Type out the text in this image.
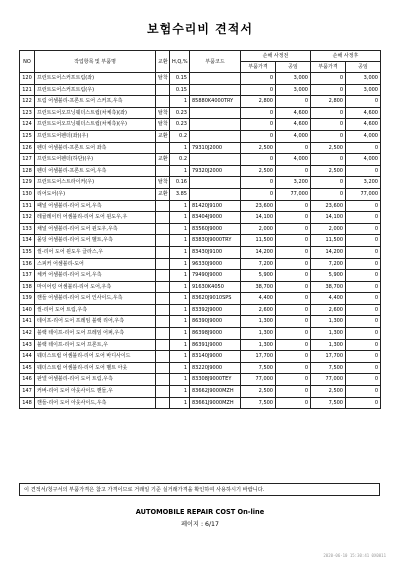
보험수리비 견적서
NO	작업항목 및 부품명	교환	H,Q,%	부품코드	손해 사정전		손해 사정후	
					부품가격	공임	부품가격	공임
120	프런트도어스커프트림(좌)	탈착	0.15		0	3,000	0	3,000
121	프런트도어스커프트림(우)		0.15		0	3,000	0	3,000
122	트림 어셈블리-프론트 도어 스커프,우측		1	85880K4000TRY	2,800	0	2,800	0
123	프런트도어오프닝웨더스트립(차체측)(좌)	탈착	0.23		0	4,600	0	4,600
124	프런트도어오프닝웨더스트립(차체측)(우)	탈착	0.23		0	4,600	0	4,600
125	프런트도어펜더(좌)(우)	교환	0.2		0	4,000	0	4,000
126	펜더 어셈블리-프론트 도어 좌측		1	79310J2000	2,500	0	2,500	0
127	프런트도어펜더(하단)(우)	교환	0.2		0	4,000	0	4,000
128	펜더 어셈블리-프론트 도어,우측		1	79320J2000	2,500	0	2,500	0
129	프런트도어스트라이커(우)	탈착	0.16		0	3,200	0	3,200
130	리어도어(우)	교환	3.85		0	77,000	0	77,000
131	패널 어셈블리-리어 도어,우측		1	81420J9100	23,600	0	23,600	0
132	레귤레이터 어셈블리-리어 도어 윈도우,우		1	83404J9000	14,100	0	14,100	0
133	채널 어셈블리-리어 도어 윈도우,우측		1	83560J9000	2,000	0	2,000	0
134	몰딩 어셈블리-리어 도어 벨트,우측		1	83830J9000TRY	11,500	0	11,500	0
135	씰-리어 도어 윈도우 글라스,우		1	83430J9100	14,200	0	14,200	0
136	스피커 어셈블리-도어		1	96330J9000	7,200	0	7,200	0
137	체커 어셈블리-리어 도어,우측		1	79490J9000	5,900	0	5,900	0
138	마이어링 어셈블리-리어 도어,우측		1	91630K4050	38,700	0	38,700	0
139	핸들 어셈블리-리어 도어 인사이드,우측		1	83620J9010SPS	4,400	0	4,400	0
140	씰-리어 도어 트림,우측		1	83392J9000	2,600	0	2,600	0
141	테이프-리어 도어 프레임 블랙 리어,우측		1	86390J9000	1,300	0	1,300	0
142	블랙 테이프-리어 도어 프레임 어퍼,우측		1	86398J9000	1,300	0	1,300	0
143	블랙 테이프-리어 도어 프론트,우		1	86391J9000	1,300	0	1,300	0
144	웨더스트립 어셈블리-리어 도어 바디사이드		1	83140J9000	17,700	0	17,700	0
145	웨더스트립 어셈블리-리어 도어 벨트 아웃		1	83220J9000	7,500	0	7,500	0
146	판넬 어셈블리-리어 도어 트림,우측		1	83308J9000TEY	77,000	0	77,000	0
147	커버-리어 도어 아웃사이드 핸들,우		1	83662J9000MZH	2,500	0	2,500	0
148	핸들-리어 도어 아웃사이드,우측		1	83661J9000MZH	7,500	0	7,500	0
이 견적서/청구서의 부품가격은 참고 가격이므로 거래일 기준 실거래가격을 확인하여 사용하시기 바랍니다.
AUTOMOBILE REPAIR COST On-line
페이지 : 6/17
2020-06-10 15:30:41 0X0011
